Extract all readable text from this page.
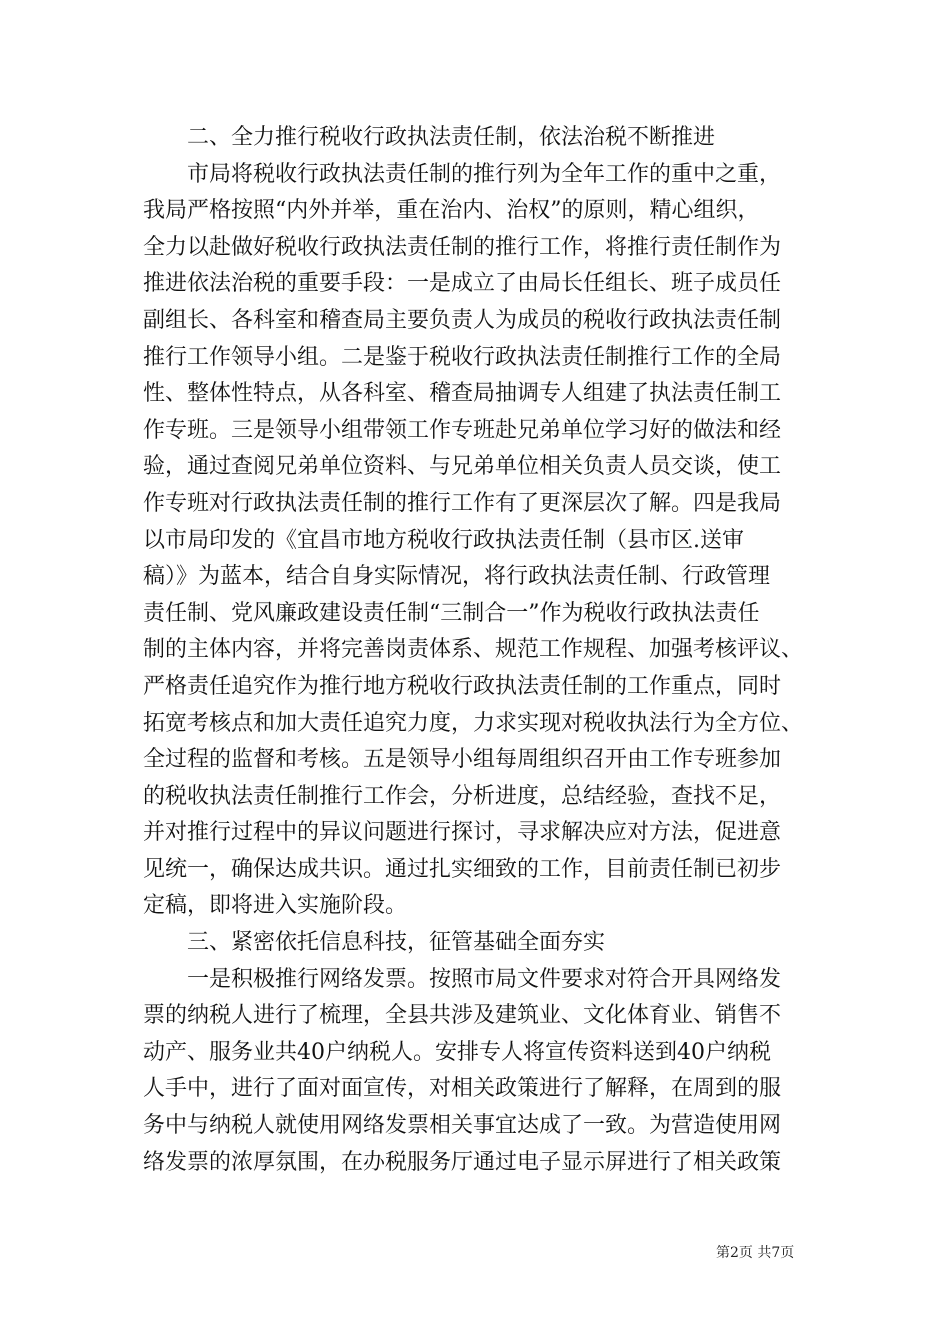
　　二、全力推行税收行政执法责任制，依法治税不断推进
　　市局将税收行政执法责任制的推行列为全年工作的重中之重，
我局严格按照“内外并举，重在治内、治权”的原则，精心组织，
全力以赴做好税收行政执法责任制的推行工作，将推行责任制作为
推进依法治税的重要手段：一是成立了由局长任组长、班子成员任
副组长、各科室和稽查局主要负责人为成员的税收行政执法责任制
推行工作领导小组。二是鉴于税收行政执法责任制推行工作的全局
性、整体性特点，从各科室、稽查局抽调专人组建了执法责任制工
作专班。三是领导小组带领工作专班赴兄弟单位学习好的做法和经
验，通过查阅兄弟单位资料、与兄弟单位相关负责人员交谈，使工
作专班对行政执法责任制的推行工作有了更深层次了解。四是我局
以市局印发的《宜昌市地方税收行政执法责任制（县市区.送审
稿）》为蓝本，结合自身实际情况，将行政执法责任制、行政管理
责任制、党风廉政建设责任制“三制合一”作为税收行政执法责任
制的主体内容，并将完善岗责体系、规范工作规程、加强考核评议、
严格责任追究作为推行地方税收行政执法责任制的工作重点，同时
拓宽考核点和加大责任追究力度，力求实现对税收执法行为全方位、
全过程的监督和考核。五是领导小组每周组织召开由工作专班参加
的税收执法责任制推行工作会，分析进度，总结经验，查找不足，
并对推行过程中的异议问题进行探讨，寻求解决应对方法，促进意
见统一，确保达成共识。通过扎实细致的工作，目前责任制已初步
定稿，即将进入实施阶段。
　　三、紧密依托信息科技，征管基础全面夯实
　　一是积极推行网络发票。按照市局文件要求对符合开具网络发
票的纳税人进行了梳理，全县共涉及建筑业、文化体育业、销售不
动产、服务业共40户纳税人。安排专人将宣传资料送到40户纳税
人手中，进行了面对面宣传，对相关政策进行了解释，在周到的服
务中与纳税人就使用网络发票相关事宜达成了一致。为营造使用网
络发票的浓厚氛围，在办税服务厅通过电子显示屏进行了相关政策
第2页 共7页
